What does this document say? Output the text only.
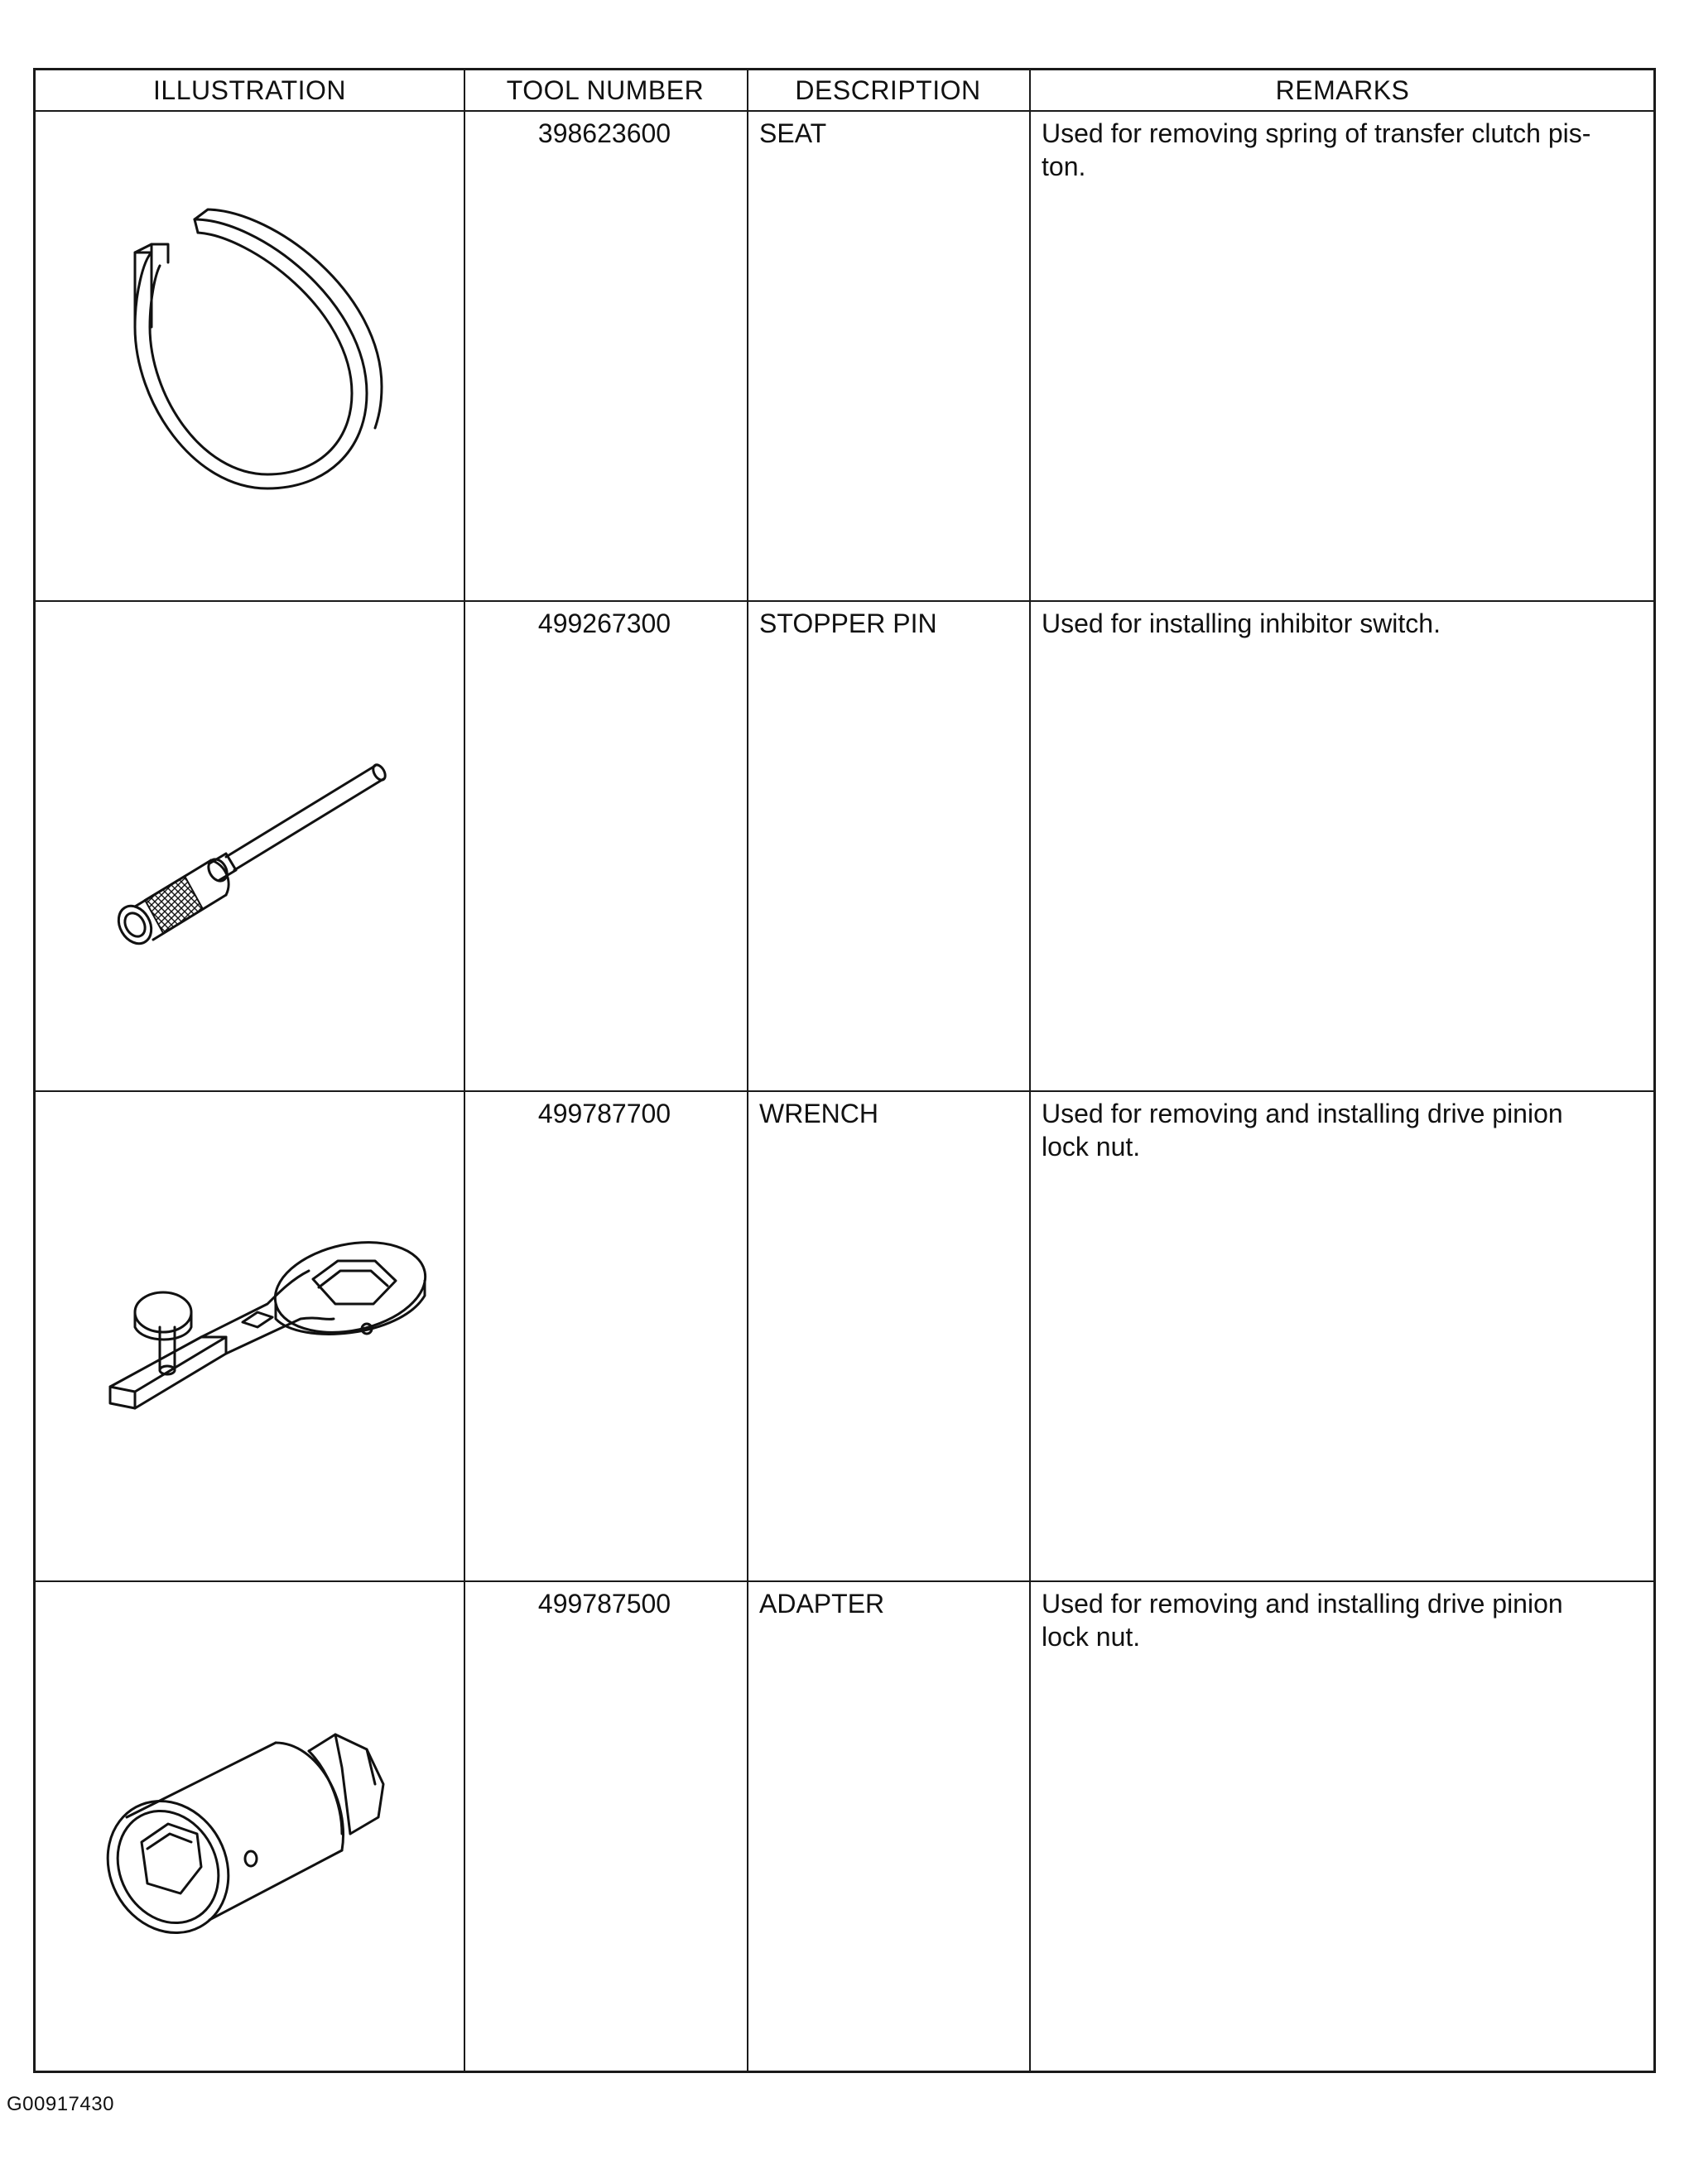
ILLUSTRATION	TOOL NUMBER	DESCRIPTION	REMARKS
398623600	SEAT	Used for removing spring of transfer clutch pis-
ton.
499267300	STOPPER PIN	Used for installing inhibitor switch.
499787700	WRENCH	Used for removing and installing drive pinion
lock nut.
499787500	ADAPTER	Used for removing and installing drive pinion
lock nut.
G00917430
